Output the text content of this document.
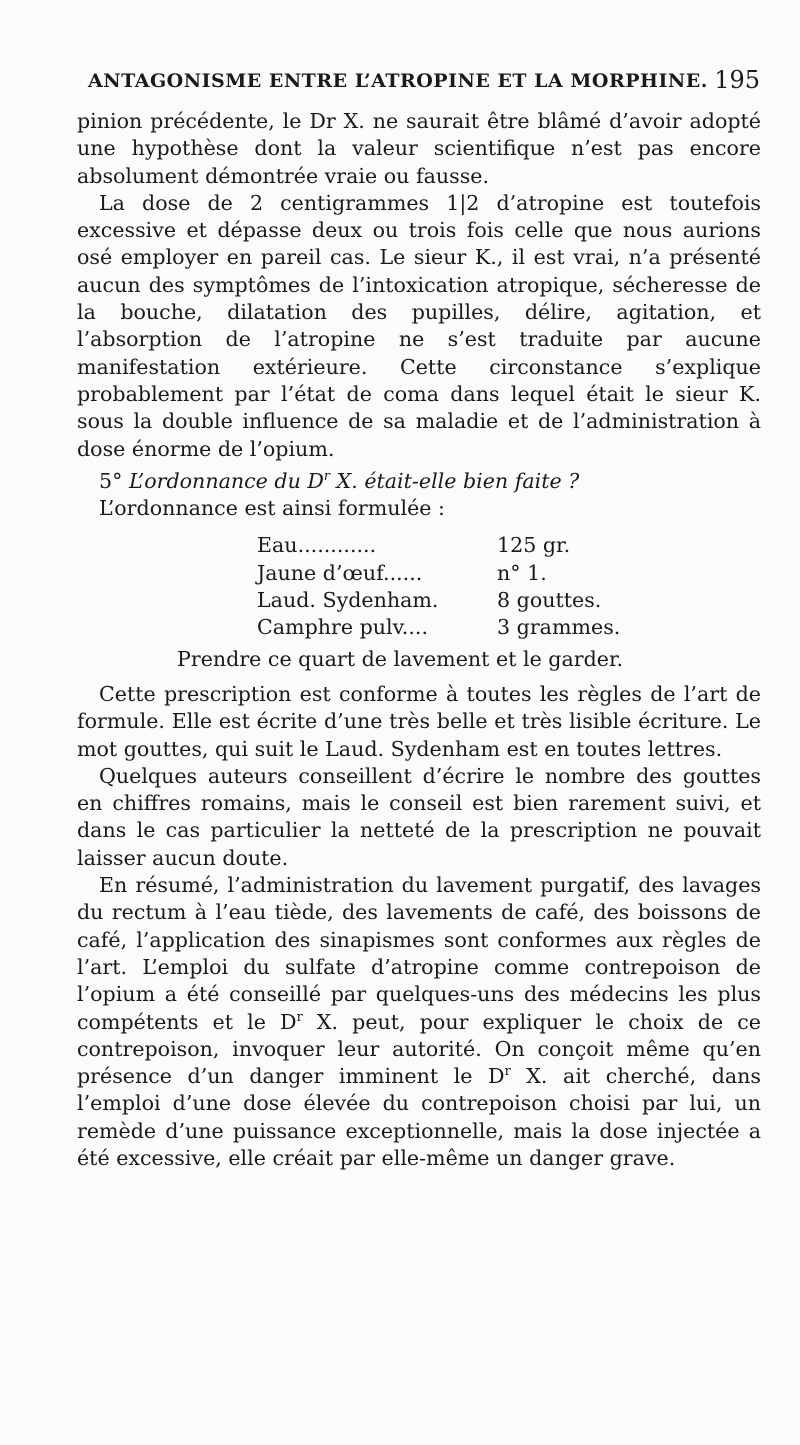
ANTAGONISME ENTRE L’ATROPINE ET LA MORPHINE. 195

pinion précédente, le Dr X. ne saurait être blâmé d’avoir adopté une hypothèse dont la valeur scientifique n’est pas encore absolument démontrée vraie ou fausse.

La dose de 2 centigrammes 1|2 d’atropine est toutefois excessive et dépasse deux ou trois fois celle que nous aurions osé employer en pareil cas. Le sieur K., il est vrai, n’a présenté aucun des symptômes de l’intoxication atropique, sécheresse de la bouche, dilatation des pupilles, délire, agitation, et l’absorption de l’atropine ne s’est traduite par aucune manifestation extérieure. Cette circonstance s’explique probablement par l’état de coma dans lequel était le sieur K. sous la double influence de sa maladie et de l’administration à dose énorme de l’opium.

5° L’ordonnance du $D^r$ X. était-elle bien faite ?

L’ordonnance est ainsi formulée :

Eau............	125 gr.
Jaune d’œuf......	n° 1.
Laud. Sydenham.	8 gouttes.
Camphre pulv....	3 grammes.

Prendre ce quart de lavement et le garder.

Cette prescription est conforme à toutes les règles de l’art de formule. Elle est écrite d’une très belle et très lisible écriture. Le mot gouttes, qui suit le Laud. Sydenham est en toutes lettres.

Quelques auteurs conseillent d’écrire le nombre des gouttes en chiffres romains, mais le conseil est bien rarement suivi, et dans le cas particulier la netteté de la prescription ne pouvait laisser aucun doute.

En résumé, l’administration du lavement purgatif, des lavages du rectum à l’eau tiède, des lavements de café, des boissons de café, l’application des sinapismes sont conformes aux règles de l’art. L’emploi du sulfate d’atropine comme contrepoison de l’opium a été conseillé par quelques-uns des médecins les plus compétents et le $D^r$ X. peut, pour expliquer le choix de ce contrepoison, invoquer leur autorité. On conçoit même qu’en présence d’un danger imminent le $D^r$ X. ait cherché, dans l’emploi d’une dose élevée du contrepoison choisi par lui, un remède d’une puissance exceptionnelle, mais la dose injectée a été excessive, elle créait par elle-même un danger grave.
